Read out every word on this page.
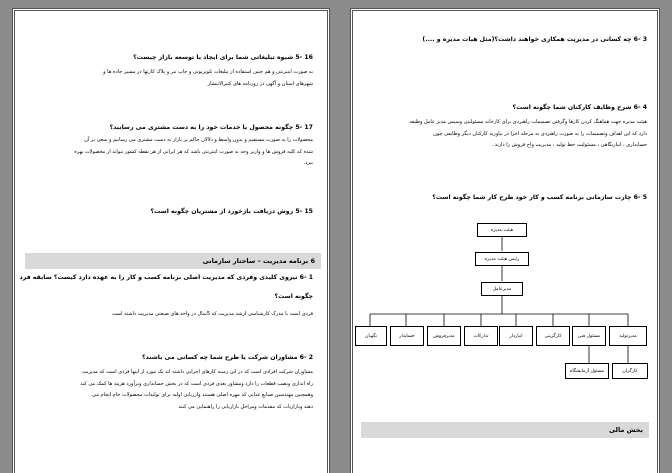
16 -5 شیوه تبلیغاتی شما برای ایجاد یا توسعه بازار چیست؟
به صورت اینترنتی و هم چنین استفاده از تبلیغات تلویزیونی و چاپ بنر و پلاک کارتها در مسیر جاده ها و
شهرهای استان و آگهی در روزنامه های کثیرالانتشار
17 -5 چگونه محصول یا خدمات خود را به دست مشتری می رسانید؟
محصولات را به صورت مستقیم و بدون واسط و دلالان حاکم بر بازار به دست مشتری می رسانیم و سعی بر آن
شده که کلیه فروش ها و واریز وجه به صورت اینترنتی باشد که هر ایرانی از هر نقطه کشور بتواند از محصولات بهره
ببرد.
15 -5 روش دریافت بازخورد از مشتریان چگونه است؟
6 برنامه مدیریت – ساختار سازمانی
1 -6 نیروی کلیدی وفردی که مدیریت اصلی برنامه کسب و کار را به عهده دارد کیست؟ سابقه فرد
چگونه است؟
فردی است با مدرک کارشناسی ارشد مدیریت که 5سال در واحد های صنعتی مدیریت داشته است
2 -6 مشاوران شرکت یا طرح شما چه کسانی می باشند؟
مشاوران شرکت افرادی است که در این زمینه کارهای اجرایی داشته اند یک مورد از اینها فردی است که مدیریت
راه اندازی ونصب قطعات را دارد ومشاور بعدی فردی است که در بخش حسابداری وبرآورد هزینه ها کمک می کند
وهمچنین مهندسین صنایع غذایی که مهره اصلی هستند وارزیابی اولیه برای تولیدات محصولات خام انجام می
دهند وبازاریاب که مقدمات ومراحل بازاریابی را راهنمایی می کنند
3 -6 چه کسانی در مدیریت همکاری خواهند داشت؟(مثل هیات مدیره و ....)
4 -6 شرح وظایف کارکنان شما چگونه است؟
هیئت مدیره جهت هماهنگ کردن کارها وگرفتن تصمیمات راهبردی برای کارخانه مسئولیتی وسپس مدیر عامل وظیفه
دارد که این اهداف وتصمیمات را به صورت راهبردی به مرحله اجرا در بیاورند کارکنان دیگر وظایفی چون
حسابداری ، انبارنگاهی ، مسئولیت خط تولید ، مدیریت واخ فروش را دارند .
5 -6 چارت سازمانی برنامه کسب و کار خود طرح کار شما چگونه است؟
هیئت مدیره
رئیس هیئت مدیره
مدیرعامل
مدیرتولید
مسئول فنی
کارگزینی
انباردار
تدارکات
مدیرفروش
حسابدار
نگهبان
کارگران
مسئول آزمایشگاه
بخش مالی
